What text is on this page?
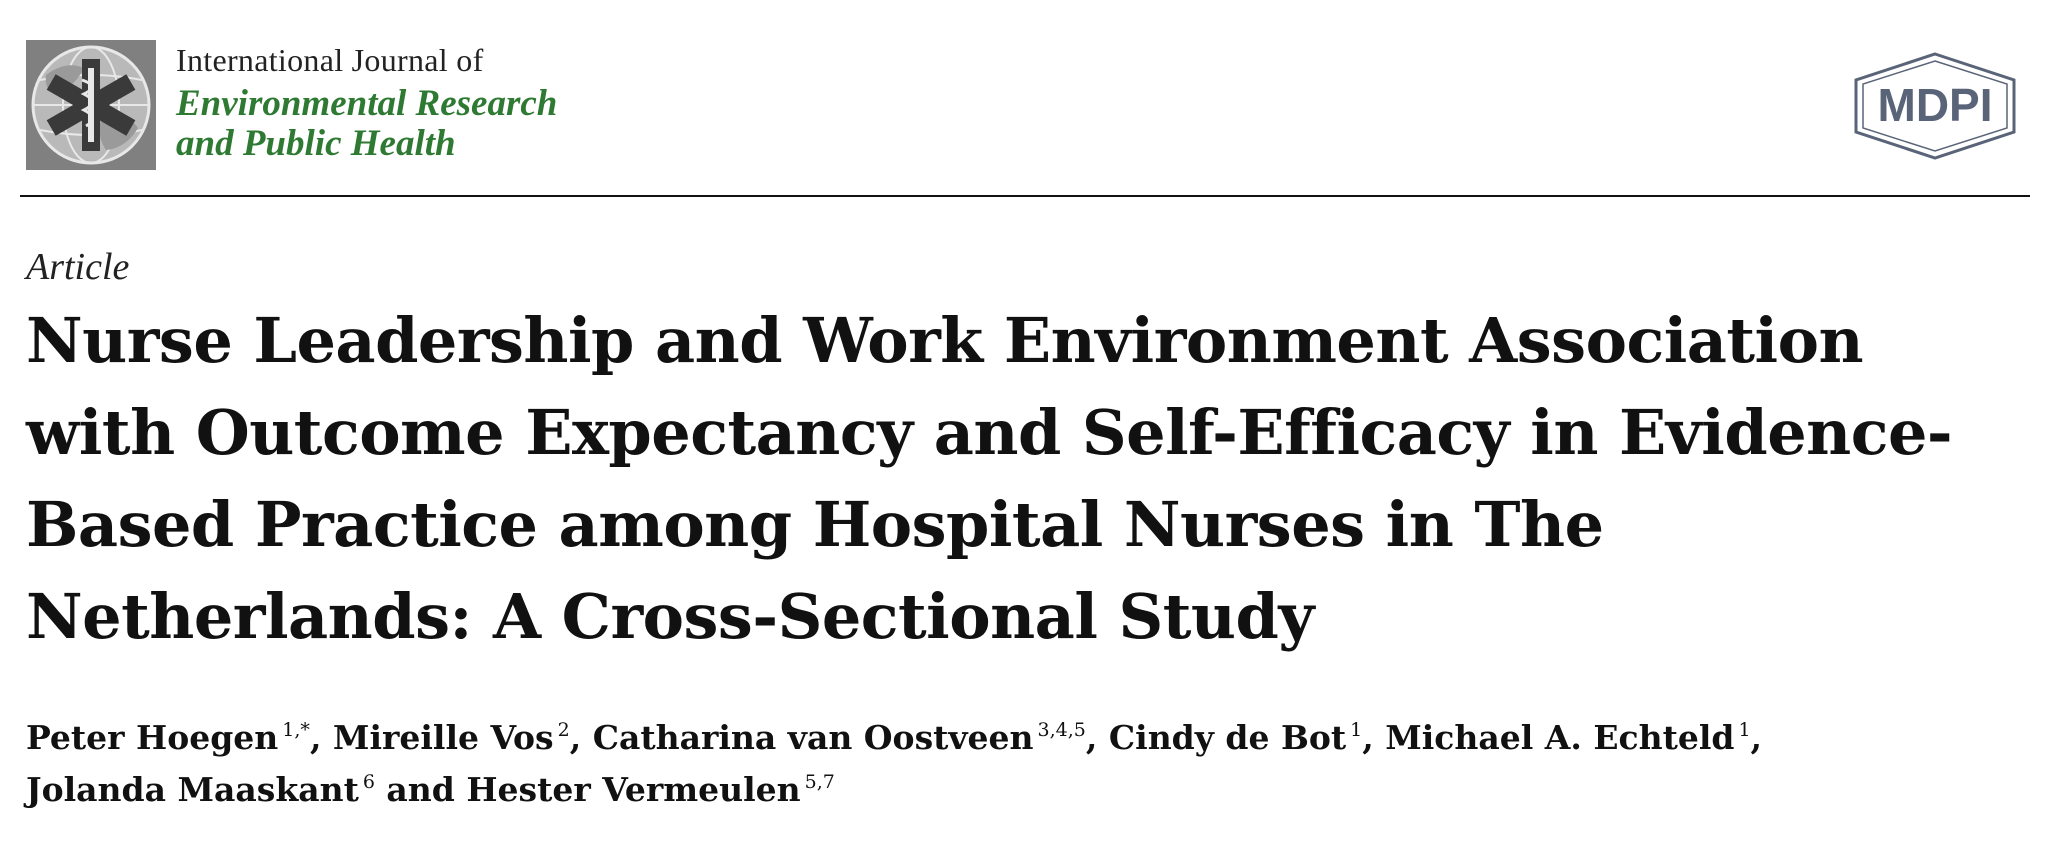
International Journal of
Environmental Research
and Public Health
MDPI
Article
Nurse Leadership and Work Environment Association with Outcome Expectancy and Self-Efficacy in Evidence-Based Practice among Hospital Nurses in The Netherlands: A Cross-Sectional Study
Peter Hoegen $^{1,*}$, Mireille Vos $^2$, Catharina van Oostveen $^{3,4,5}$, Cindy de Bot $^1$, Michael A. Echteld $^1$,
Jolanda Maaskant $^6$ and Hester Vermeulen $^{5,7}$
